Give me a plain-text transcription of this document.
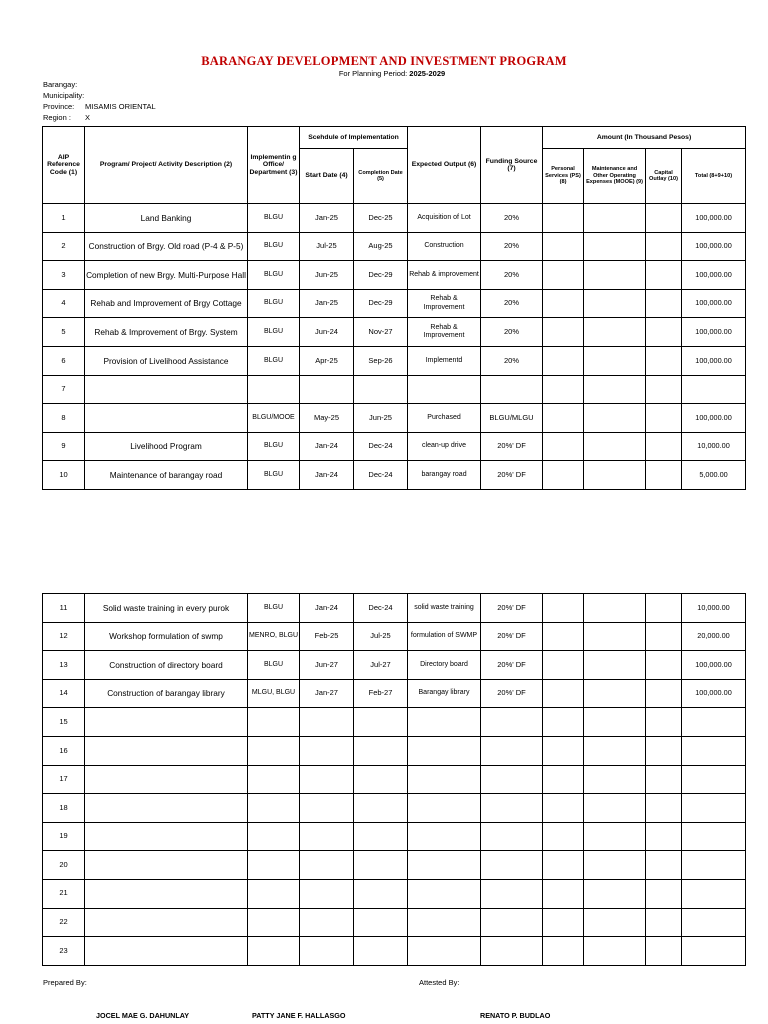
BARANGAY DEVELOPMENT AND INVESTMENT PROGRAM
For Planning Period: 2025-2029
Barangay:
Municipality:
Province: MISAMIS ORIENTAL
Region : X
AIP Reference Code (1)	Program/ Project/ Activity Description (2)	Implementin g Office/ Department (3)	Scehdule of Implementation		Expected Output (6)	Funding Source (7)	Amount (In Thousand Pesos)			
			Start Date (4)	Completion Date (5)			Personal Services (PS) (8)	Maintenance and Other Operating Expenses (MOOE) (9)	Capital Outlay (10)	Total (8+9+10)
1	Land Banking	BLGU	Jan-25	Dec-25	Acquisition of Lot	20%				100,000.00
2	Construction of Brgy. Old road (P-4 & P-5)	BLGU	Jul-25	Aug-25	Construction	20%				100,000.00
3	Completion of new Brgy. Multi-Purpose Hall	BLGU	Jun-25	Dec-29	Rehab & improvement	20%				100,000.00
4	Rehab and Improvement of Brgy Cottage	BLGU	Jan-25	Dec-29	Rehab & Improvement	20%				100,000.00
5	Rehab & Improvement of Brgy. System	BLGU	Jun-24	Nov-27	Rehab & Improvement	20%				100,000.00
6	Provision of Livelihood Assistance	BLGU	Apr-25	Sep-26	Implementd	20%				100,000.00
7										
8		BLGU/MOOE	May-25	Jun-25	Purchased	BLGU/MLGU				100,000.00
9	Livelihood Program	BLGU	Jan-24	Dec-24	clean-up drive	20%' DF				10,000.00
10	Maintenance of barangay road	BLGU	Jan-24	Dec-24	barangay road	20%' DF				5,000.00
11	Solid waste training in every purok	BLGU	Jan-24	Dec-24	solid waste training	20%' DF				10,000.00
12	Workshop formulation of swmp	MENRO, BLGU	Feb-25	Jul-25	formulation of SWMP	20%' DF				20,000.00
13	Construction of directory board	BLGU	Jun-27	Jul-27	Directory board	20%' DF				100,000.00
14	Construction of barangay library	MLGU, BLGU	Jan-27	Feb-27	Barangay library	20%' DF				100,000.00
15										
16										
17										
18										
19										
20										
21										
22										
23										
Prepared By:	Attested By:
JOCEL MAE G. DAHUNLAY	PATTY JANE F. HALLASGO	RENATO P. BUDLAO
